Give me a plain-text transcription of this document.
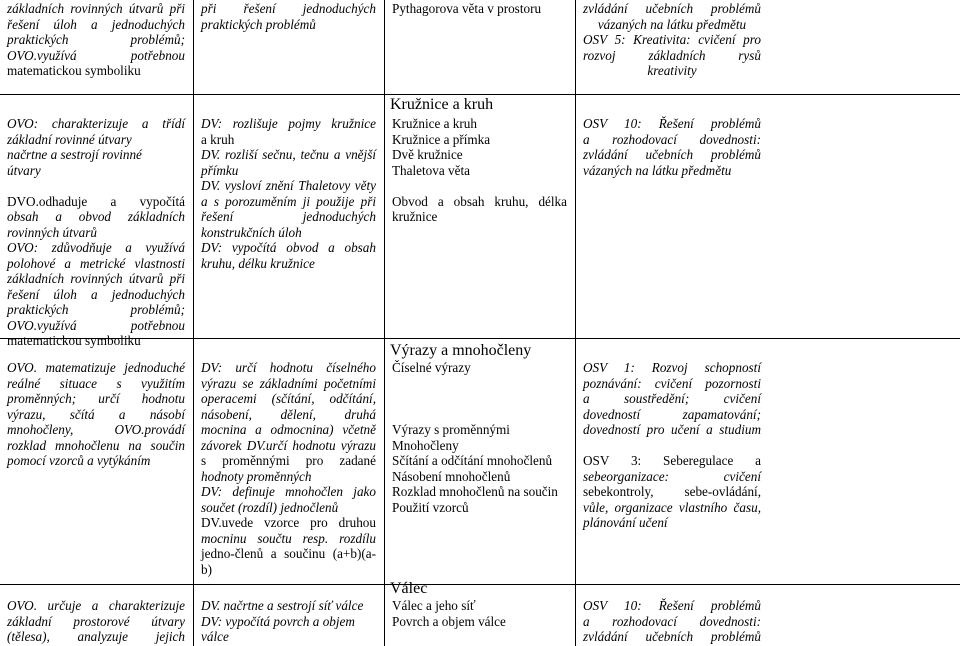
základních rovinných útvarů při

řešení úloh a jednoduchých

praktických problémů;

OVO.využívá potřebnou

matematickou symboliku

při řešení jednoduchých

praktických problémů

Pythagorova věta v prostoru	zvládání učebních problémů

vázaných na látku předmětu

OSV 5: Kreativita: cvičení pro

rozvoj základních rysů

kreativity

OVO: charakterizuje a třídí

základní rovinné útvary

načrtne a sestrojí rovinné

útvary

DVO.odhaduje a vypočítá

obsah a obvod základních

rovinných útvarů

OVO: zdůvodňuje a využívá

polohové a metrické vlastnosti

základních rovinných útvarů při

řešení úloh a jednoduchých

praktických problémů;

OVO.využívá potřebnou

matematickou symboliku

DV: rozlišuje pojmy kružnice

a kruh

DV. rozliší sečnu, tečnu a vnější

přímku

DV. vysloví znění Thaletovy věty

a s porozuměním ji použije při

řešení jednoduchých

konstrukčních úloh

DV: vypočítá obvod a obsah

kruhu, délku kružnice

Kružnice a kruh

Kružnice a kruh

Kružnice a přímka

Dvě kružnice

Thaletova věta

Obvod a obsah kruhu, délka

kružnice

OSV 10: Řešení problémů

a rozhodovací dovednosti:

zvládání učebních problémů

vázaných na látku předmětu

OVO. matematizuje jednoduché

reálné situace s využitím

proměnných; určí hodnotu

výrazu, sčítá a násobí

mnohočleny, OVO.provádí

rozklad mnohočlenu na součin

pomocí vzorců a vytýkáním

DV: určí hodnotu číselného

výrazu se základními početními

operacemi (sčítání, odčítání,

násobení, dělení, druhá

mocnina a odmocnina) včetně

závorek DV.určí hodnotu výrazu

s proměnnými pro zadané

hodnoty proměnných

DV: definuje mnohočlen jako

součet (rozdíl) jednočlenů

DV.uvede vzorce pro druhou

mocninu součtu resp. rozdílu

jedno-členů a součinu (a+b)(a-

b)

Výrazy a mnohočleny

Číselné výrazy

Výrazy s proměnnými

Mnohočleny

Sčítání a odčítání mnohočlenů

Násobení mnohočlenů

Rozklad mnohočlenů na součin

Použití vzorců

OSV 1: Rozvoj schopností

poznávání: cvičení pozornosti

a soustředění; cvičení

dovedností zapamatování;

dovedností pro učení a studium

OSV 3: Seberegulace a

sebeorganizace: cvičení

sebekontroly, sebe-ovládání,

vůle, organizace vlastního času,

plánování učení

OVO. určuje a charakterizuje

základní prostorové útvary

(tělesa), analyzuje jejich

DV. načrtne a sestrojí síť válce

DV: vypočítá povrch a objem

válce

Válec

Válec a jeho síť

Povrch a objem válce

OSV 10: Řešení problémů

a rozhodovací dovednosti:

zvládání učebních problémů
